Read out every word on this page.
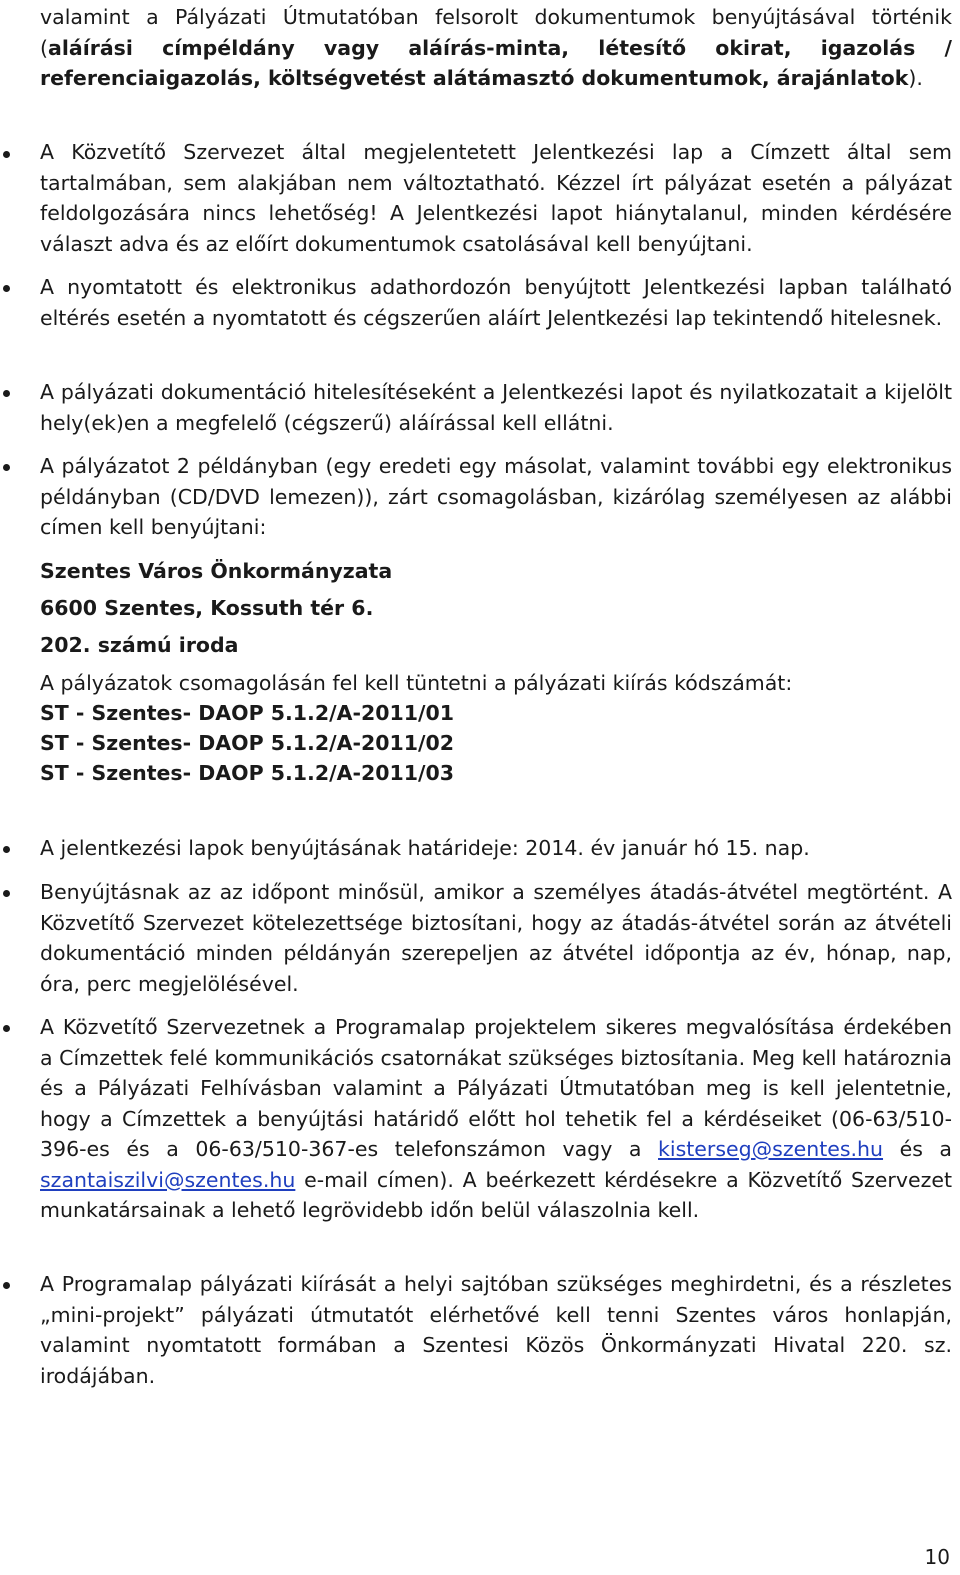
valamint a Pályázati Útmutatóban felsorolt dokumentumok benyújtásával történik (aláírási címpéldány vagy aláírás-minta, létesítő okirat, igazolás / referenciaigazolás, költségvetést alátámasztó dokumentumok, árajánlatok).

A Közvetítő Szervezet által megjelentetett Jelentkezési lap a Címzett által sem tartalmában, sem alakjában nem változtatható. Kézzel írt pályázat esetén a pályázat feldolgozására nincs lehetőség! A Jelentkezési lapot hiánytalanul, minden kérdésére választ adva és az előírt dokumentumok csatolásával kell benyújtani.

A nyomtatott és elektronikus adathordozón benyújtott Jelentkezési lapban található eltérés esetén a nyomtatott és cégszerűen aláírt Jelentkezési lap tekintendő hitelesnek.

A pályázati dokumentáció hitelesítéseként a Jelentkezési lapot és nyilatkozatait a kijelölt hely(ek)en a megfelelő (cégszerű) aláírással kell ellátni.

A pályázatot 2 példányban (egy eredeti egy másolat, valamint további egy elektronikus példányban (CD/DVD lemezen)), zárt csomagolásban, kizárólag személyesen az alábbi címen kell benyújtani:

Szentes Város Önkormányzata

6600 Szentes, Kossuth tér 6.

202. számú iroda

A pályázatok csomagolásán fel kell tüntetni a pályázati kiírás kódszámát:

ST - Szentes- DAOP 5.1.2/A-2011/01

ST - Szentes- DAOP 5.1.2/A-2011/02

ST - Szentes- DAOP 5.1.2/A-2011/03

A jelentkezési lapok benyújtásának határideje: 2014. év január hó 15. nap.

Benyújtásnak az az időpont minősül, amikor a személyes átadás-átvétel megtörtént. A Közvetítő Szervezet kötelezettsége biztosítani, hogy az átadás-átvétel során az átvételi dokumentáció minden példányán szerepeljen az átvétel időpontja az év, hónap, nap, óra, perc megjelölésével.

A Közvetítő Szervezetnek a Programalap projektelem sikeres megvalósítása érdekében a Címzettek felé kommunikációs csatornákat szükséges biztosítania. Meg kell határoznia és a Pályázati Felhívásban valamint a Pályázati Útmutatóban meg is kell jelentetnie, hogy a Címzettek a benyújtási határidő előtt hol tehetik fel a kérdéseiket (06-63/510-396-es és a 06-63/510-367-es telefonszámon vagy a kisterseg@szentes.hu és a szantaiszilvi@szentes.hu e-mail címen). A beérkezett kérdésekre a Közvetítő Szervezet munkatársainak a lehető legrövidebb időn belül válaszolnia kell.

A Programalap pályázati kiírását a helyi sajtóban szükséges meghirdetni, és a részletes „mini-projekt” pályázati útmutatót elérhetővé kell tenni Szentes város honlapján, valamint nyomtatott formában a Szentesi Közös Önkormányzati Hivatal 220. sz. irodájában.

10
